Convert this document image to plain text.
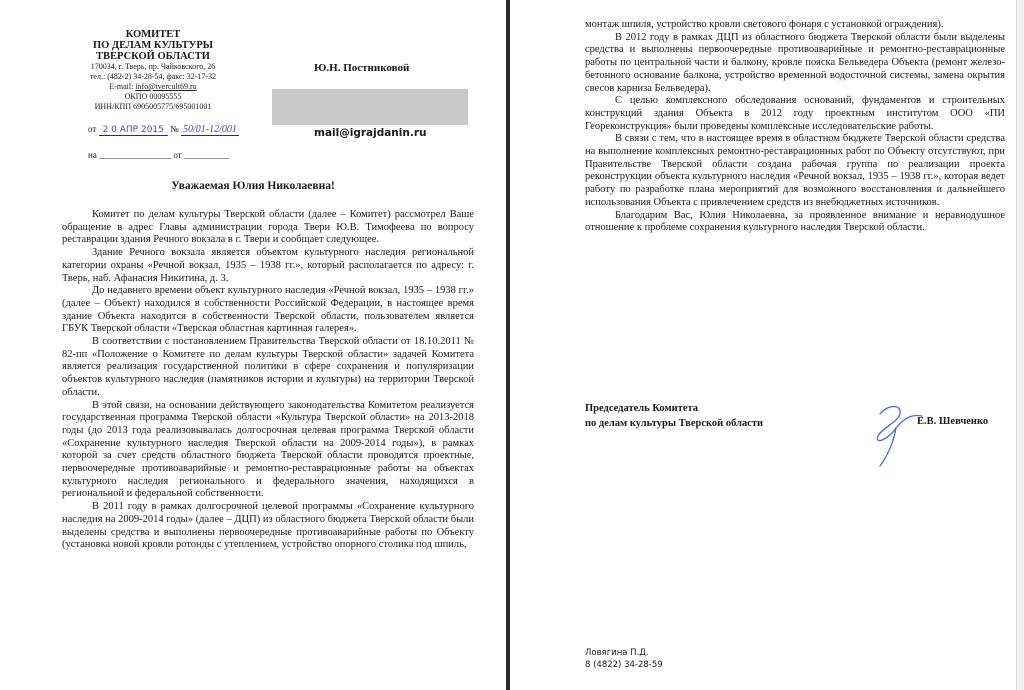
КОМИТЕТ
ПО ДЕЛАМ КУЛЬТУРЫ
ТВЕРСКОЙ ОБЛАСТИ
170034, г. Тверь, пр. Чайковского, 26
тел.: (482-2) 34-28-54, факс: 32-17-32
E-mail: info@tvercult69.ru
ОКПО 00095555
ИНН/КПП 6905005775/695001001
от 2 0 АПР 2015 № 50/01-12/001
на ________________ от __________
Ю.Н. Постниковой
mail@igrajdanin.ru
Уважаемая Юлия Николаевна!

Комитет по делам культуры Тверской области (далее – Комитет) рассмотрел Ваше обращение в адрес Главы администрации города Твери Ю.В. Тимофеева по вопросу реставрации здания Речного вокзала в г. Твери и сообщает следующее.

Здание Речного вокзала является объектом культурного наследия региональной категории охраны «Речной вокзал, 1935 – 1938 гг.», который располагается по адресу: г. Тверь, наб. Афанасия Никитина, д. 3.

До недавнего времени объект культурного наследия «Речной вокзал, 1935 – 1938 гг.» (далее – Объект) находился в собственности Российской Федерации, в настоящее время здание Объекта находится в собственности Тверской области, пользователем является ГБУК Тверской области «Тверская областная картинная галерея».

В соответствии с постановлением Правительства Тверской области от 18.10.2011 № 82-пп «Положение о Комитете по делам культуры Тверской области» задачей Комитета является реализация государственной политики в сфере сохранения и популяризации объектов культурного наследия (памятников истории и культуры) на территории Тверской области.

В этой связи, на основании действующего законодательства Комитетом реализуется государственная программа Тверской области «Культура Тверской области» на 2013-2018 годы (до 2013 года реализовывалась долгосрочная целевая программа Тверской области «Сохранение культурного наследия Тверской области на 2009-2014 годы»), в рамках которой за счет средств областного бюджета Тверской области проводятся проектные, первоочередные противоаварийные и ремонтно-реставрационные работы на объектах культурного наследия регионального и федерального значения, находящихся в региональной и федеральной собственности.

В 2011 году в рамках долгосрочной целевой программы «Сохранение культурного наследия на 2009-2014 годы» (далее – ДЦП) из областного бюджета Тверской области были выделены средства и выполнены первоочередные противоаварийные работы по Объекту (установка новой кровли ротонды с утеплением, устройство опорного столика под шпиль,

монтаж шпиля, устройство кровли светового фонаря с установкой ограждения).

В 2012 году в рамках ДЦП из областного бюджета Тверской области были выделены средства и выполнены первоочередные противоаварийные и ремонтно-реставрационные работы по центральной части и балкону, кровле пояска Бельведера Объекта (ремонт железо-бетонного основание балкона, устройство временной водосточной системы, замена окрытия свесов карниза Бельведера).

С целью комплексного обследования оснований, фундаментов и строительных конструкций здания Объекта в 2012 году проектным институтом ООО «ПИ Геореконструкция» были проведены комплексные исследовательские работы.

В связи с тем, что в настоящее время в областном бюджете Тверской области средства на выполнение комплексных ремонтно-реставрационных работ по Объекту отсутствуют, при Правительстве Тверской области создана рабочая группа по реализации проекта реконструкции объекта культурного наследия «Речной вокзал, 1935 – 1938 гг.», которая ведет работу по разработке плана мероприятий для возможного восстановления и дальнейшего использования Объекта с привлечением средств из внебюджетных источников.

Благодарим Вас, Юлия Николаевна, за проявленное внимание и неравнодушное отношение к проблеме сохранения культурного наследия Тверской области.

Председатель Комитета
по делам культуры Тверской области	Е.В. Шевченко
Ловягина П.Д.
8 (4822) 34-28-59
